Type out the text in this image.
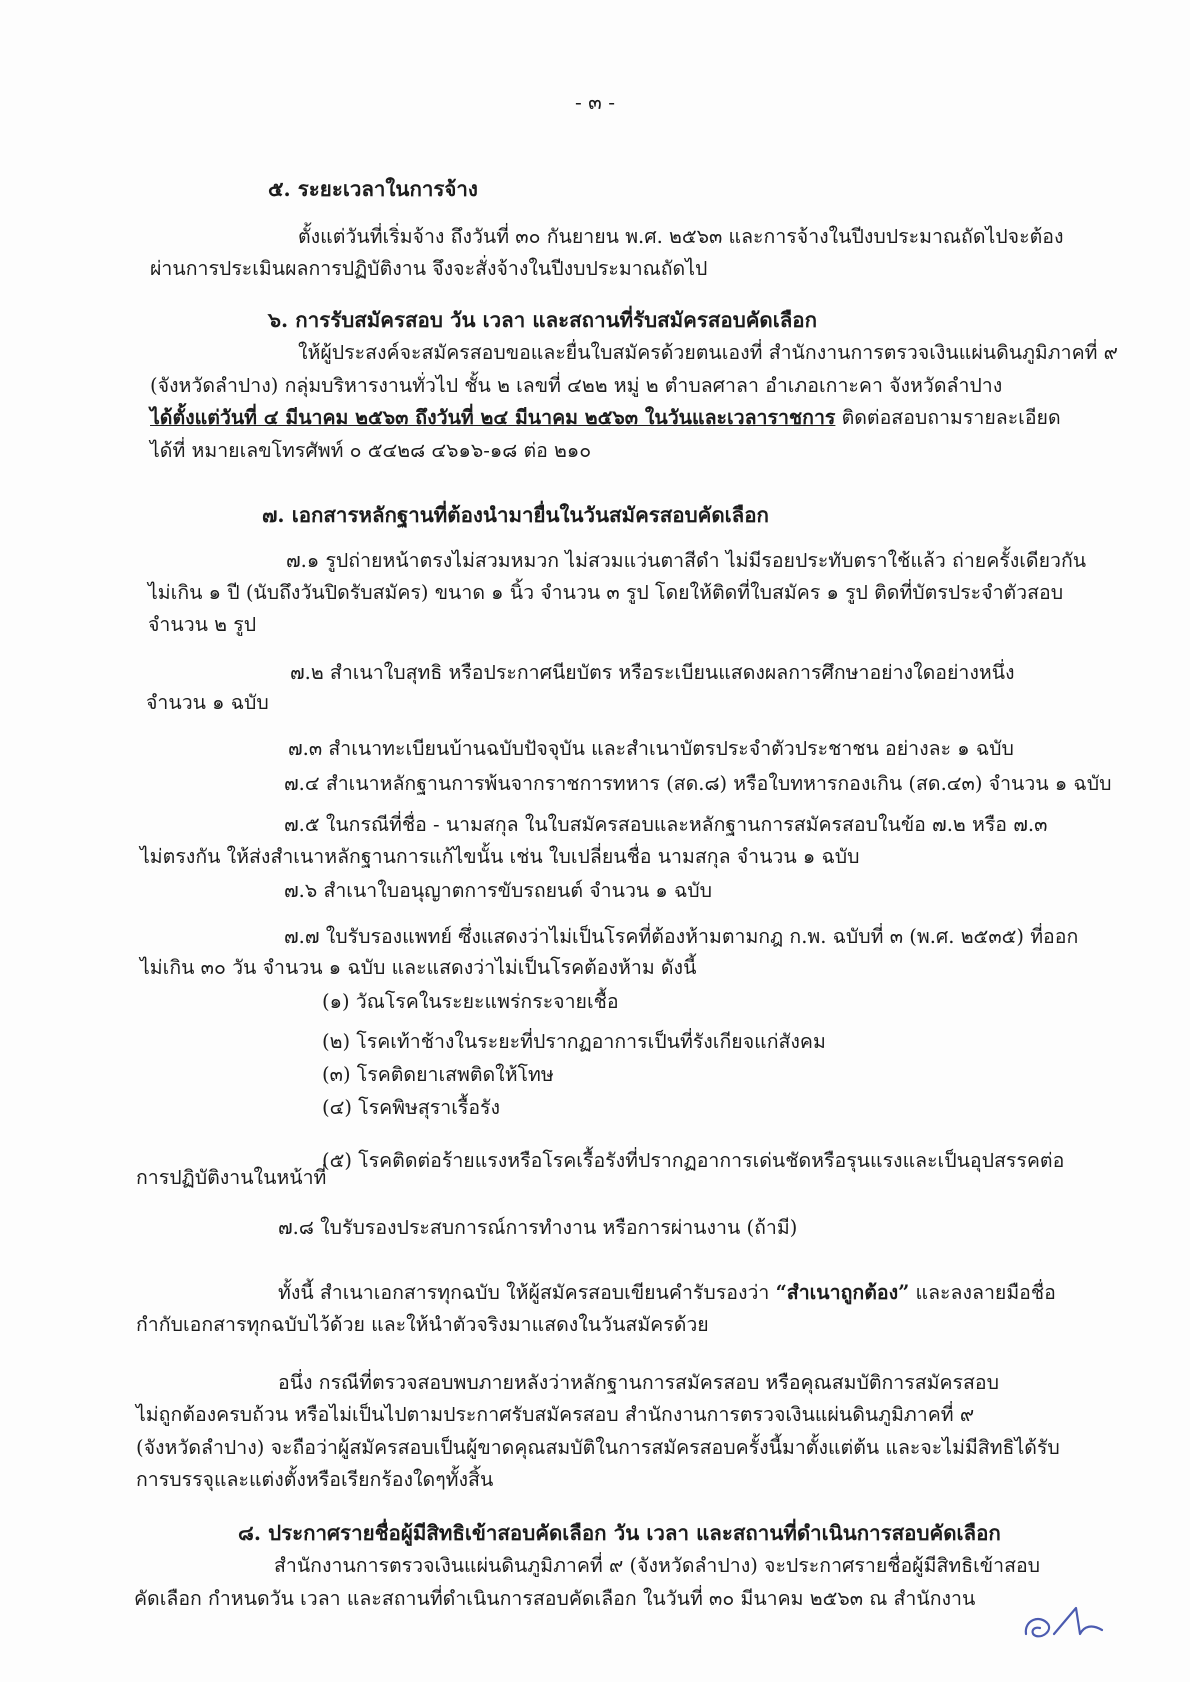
- ๓ -
๕. ระยะเวลาในการจ้าง
ตั้งแต่วันที่เริ่มจ้าง ถึงวันที่ ๓๐ กันยายน พ.ศ. ๒๕๖๓ และการจ้างในปีงบประมาณถัดไปจะต้อง
ผ่านการประเมินผลการปฏิบัติงาน จึงจะสั่งจ้างในปีงบประมาณถัดไป
๖. การรับสมัครสอบ วัน เวลา และสถานที่รับสมัครสอบคัดเลือก
ให้ผู้ประสงค์จะสมัครสอบขอและยื่นใบสมัครด้วยตนเองที่ สำนักงานการตรวจเงินแผ่นดินภูมิภาคที่ ๙
(จังหวัดลำปาง) กลุ่มบริหารงานทั่วไป ชั้น ๒ เลขที่ ๔๒๒ หมู่ ๒ ตำบลศาลา อำเภอเกาะคา จังหวัดลำปาง
ได้ตั้งแต่วันที่ ๔ มีนาคม ๒๕๖๓ ถึงวันที่ ๒๔ มีนาคม ๒๕๖๓ ในวันและเวลาราชการ ติดต่อสอบถามรายละเอียด
ได้ที่ หมายเลขโทรศัพท์ ๐ ๕๔๒๘ ๔๖๑๖-๑๘ ต่อ ๒๑๐
๗. เอกสารหลักฐานที่ต้องนำมายื่นในวันสมัครสอบคัดเลือก
๗.๑ รูปถ่ายหน้าตรงไม่สวมหมวก ไม่สวมแว่นตาสีดำ ไม่มีรอยประทับตราใช้แล้ว ถ่ายครั้งเดียวกัน
ไม่เกิน ๑ ปี (นับถึงวันปิดรับสมัคร) ขนาด ๑ นิ้ว จำนวน ๓ รูป โดยให้ติดที่ใบสมัคร ๑ รูป ติดที่บัตรประจำตัวสอบ
จำนวน ๒ รูป
๗.๒ สำเนาใบสุทธิ หรือประกาศนียบัตร หรือระเบียนแสดงผลการศึกษาอย่างใดอย่างหนึ่ง
จำนวน ๑ ฉบับ
๗.๓ สำเนาทะเบียนบ้านฉบับปัจจุบัน และสำเนาบัตรประจำตัวประชาชน อย่างละ ๑ ฉบับ
๗.๔ สำเนาหลักฐานการพ้นจากราชการทหาร (สด.๘) หรือใบทหารกองเกิน (สด.๔๓) จำนวน ๑ ฉบับ
๗.๕ ในกรณีที่ชื่อ - นามสกุล ในใบสมัครสอบและหลักฐานการสมัครสอบในข้อ ๗.๒ หรือ ๗.๓
ไม่ตรงกัน ให้ส่งสำเนาหลักฐานการแก้ไขนั้น เช่น ใบเปลี่ยนชื่อ นามสกุล จำนวน ๑ ฉบับ
๗.๖ สำเนาใบอนุญาตการขับรถยนต์ จำนวน ๑ ฉบับ
๗.๗ ใบรับรองแพทย์ ซึ่งแสดงว่าไม่เป็นโรคที่ต้องห้ามตามกฎ ก.พ. ฉบับที่ ๓ (พ.ศ. ๒๕๓๕) ที่ออก
ไม่เกิน ๓๐ วัน จำนวน ๑ ฉบับ และแสดงว่าไม่เป็นโรคต้องห้าม ดังนี้
(๑) วัณโรคในระยะแพร่กระจายเชื้อ
(๒) โรคเท้าช้างในระยะที่ปรากฏอาการเป็นที่รังเกียจแก่สังคม
(๓) โรคติดยาเสพติดให้โทษ
(๔) โรคพิษสุราเรื้อรัง
(๕) โรคติดต่อร้ายแรงหรือโรคเรื้อรังที่ปรากฏอาการเด่นชัดหรือรุนแรงและเป็นอุปสรรคต่อ
การปฏิบัติงานในหน้าที่
๗.๘ ใบรับรองประสบการณ์การทำงาน หรือการผ่านงาน (ถ้ามี)
ทั้งนี้ สำเนาเอกสารทุกฉบับ ให้ผู้สมัครสอบเขียนคำรับรองว่า “สำเนาถูกต้อง” และลงลายมือชื่อ
กำกับเอกสารทุกฉบับไว้ด้วย และให้นำตัวจริงมาแสดงในวันสมัครด้วย
อนึ่ง กรณีที่ตรวจสอบพบภายหลังว่าหลักฐานการสมัครสอบ หรือคุณสมบัติการสมัครสอบ
ไม่ถูกต้องครบถ้วน หรือไม่เป็นไปตามประกาศรับสมัครสอบ สำนักงานการตรวจเงินแผ่นดินภูมิภาคที่ ๙
(จังหวัดลำปาง) จะถือว่าผู้สมัครสอบเป็นผู้ขาดคุณสมบัติในการสมัครสอบครั้งนี้มาตั้งแต่ต้น และจะไม่มีสิทธิได้รับ
การบรรจุและแต่งตั้งหรือเรียกร้องใดๆทั้งสิ้น
๘. ประกาศรายชื่อผู้มีสิทธิเข้าสอบคัดเลือก วัน เวลา และสถานที่ดำเนินการสอบคัดเลือก
สำนักงานการตรวจเงินแผ่นดินภูมิภาคที่ ๙ (จังหวัดลำปาง) จะประกาศรายชื่อผู้มีสิทธิเข้าสอบ
คัดเลือก กำหนดวัน เวลา และสถานที่ดำเนินการสอบคัดเลือก ในวันที่ ๓๐ มีนาคม ๒๕๖๓ ณ สำนักงาน
